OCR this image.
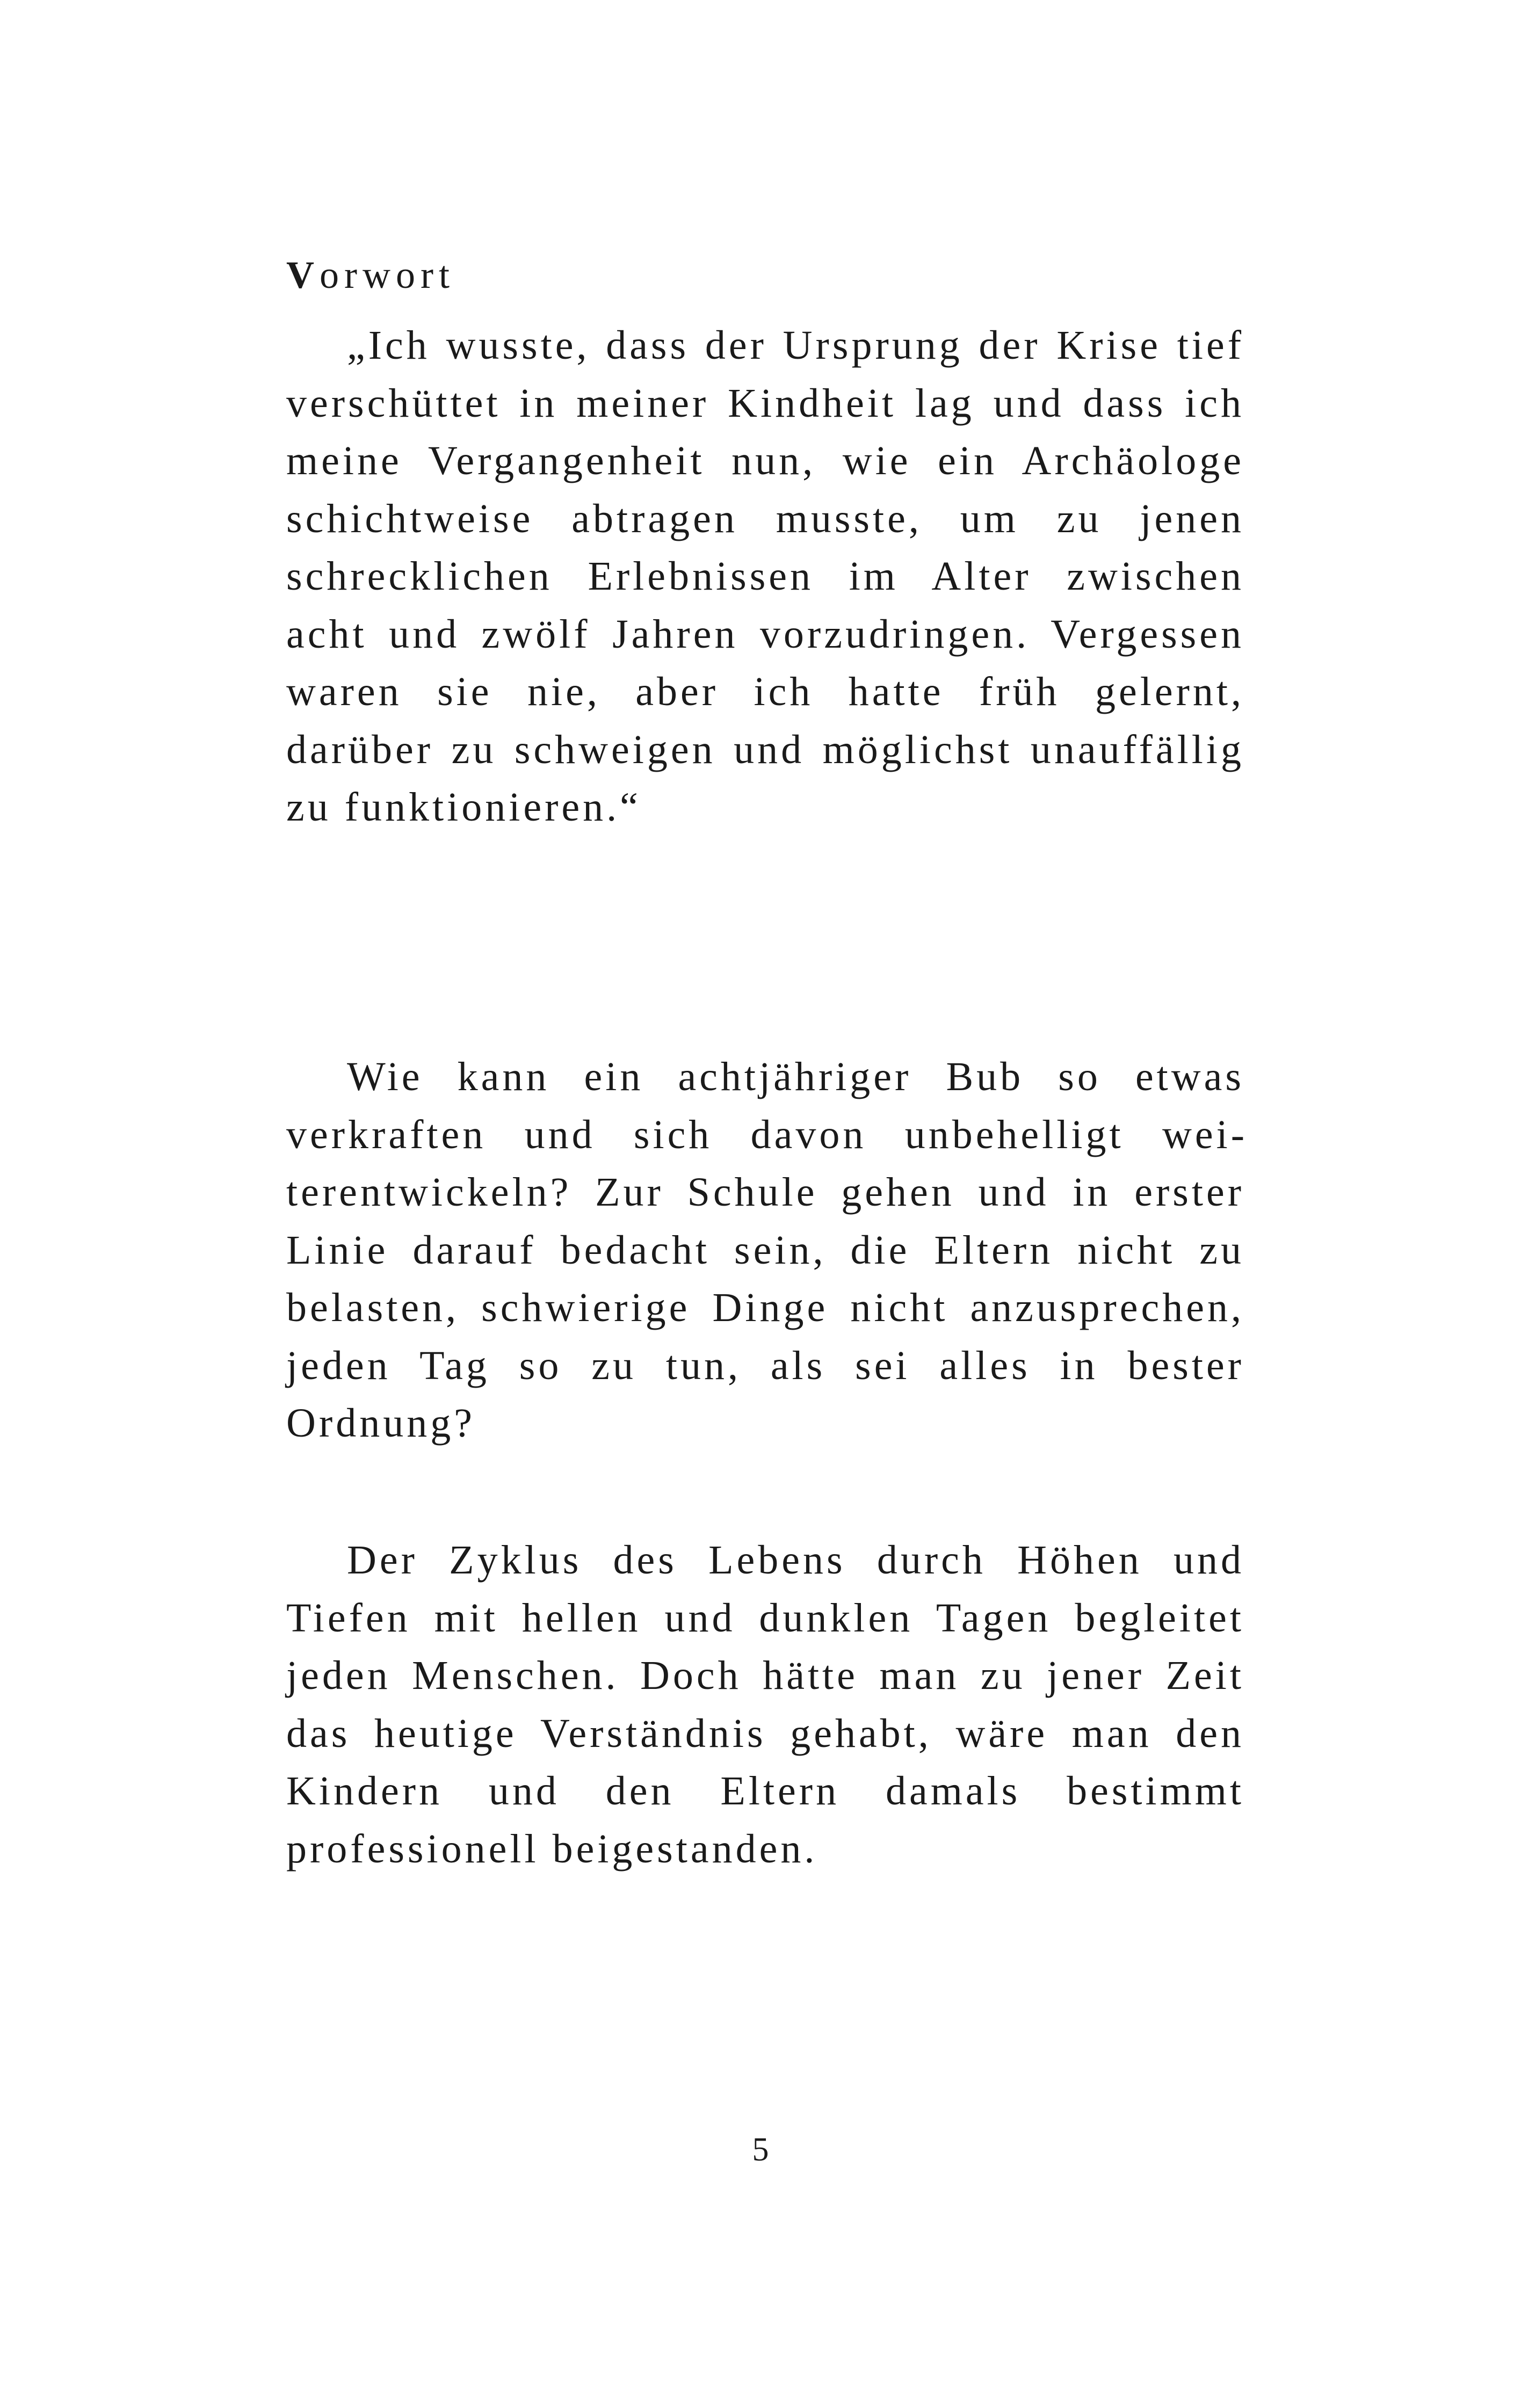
Vorwort

„Ich wusste, dass der Ursprung der Krise tief verschüttet in meiner Kindheit lag und dass ich meine Vergangenheit nun, wie ein Archäologe schichtweise abtragen musste, um zu jenen schrecklichen Erlebnissen im Alter zwischen acht und zwölf Jahren vorzudringen. Vergessen waren sie nie, aber ich hatte früh gelernt, darüber zu schweigen und möglichst unauffällig zu funktionieren.“

Wie kann ein achtjähriger Bub so etwas verkraften und sich davon unbehelligt weiterentwickeln? Zur Schule gehen und in erster Linie darauf bedacht sein, die Eltern nicht zu belasten, schwierige Dinge nicht anzusprechen, jeden Tag so zu tun, als sei alles in bester Ordnung?

Der Zyklus des Lebens durch Höhen und Tiefen mit hellen und dunklen Tagen begleitet jeden Menschen. Doch hätte man zu jener Zeit das heutige Verständnis gehabt, wäre man den Kindern und den Eltern damals bestimmt professionell beigestanden.

5
